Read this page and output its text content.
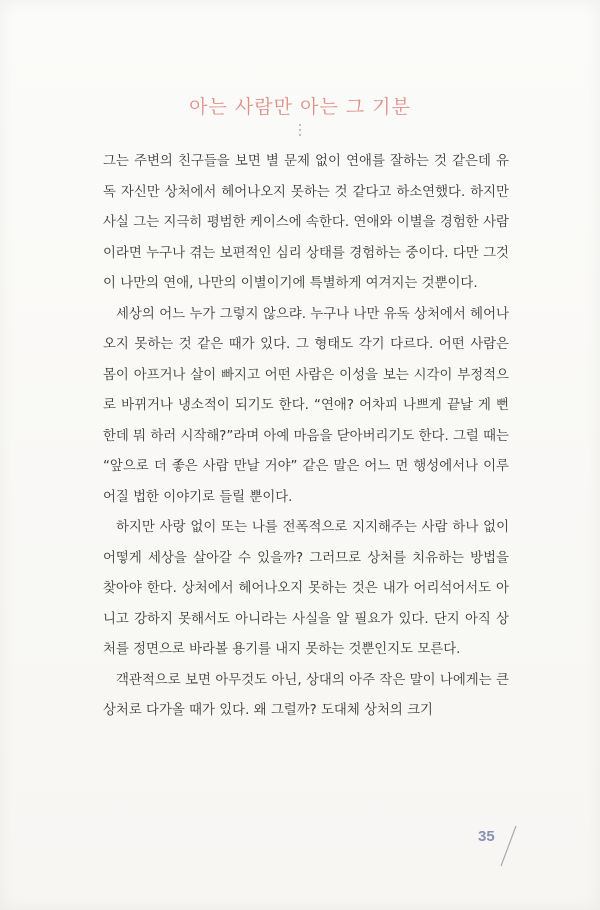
아는 사람만 아는 그 기분

그는 주변의 친구들을 보면 별 문제 없이 연애를 잘하는 것 같은데 유독 자신만 상처에서 헤어나오지 못하는 것 같다고 하소연했다. 하지만 사실 그는 지극히 평범한 케이스에 속한다. 연애와 이별을 경험한 사람이라면 누구나 겪는 보편적인 심리 상태를 경험하는 중이다. 다만 그것이 나만의 연애, 나만의 이별이기에 특별하게 여겨지는 것뿐이다.

세상의 어느 누가 그렇지 않으랴. 누구나 나만 유독 상처에서 헤어나오지 못하는 것 같은 때가 있다. 그 형태도 각기 다르다. 어떤 사람은 몸이 아프거나 살이 빠지고 어떤 사람은 이성을 보는 시각이 부정적으로 바뀌거나 냉소적이 되기도 한다. “연애? 어차피 나쁘게 끝날 게 뻔한데 뭐 하러 시작해?”라며 아예 마음을 닫아버리기도 한다. 그럴 때는 “앞으로 더 좋은 사람 만날 거야” 같은 말은 어느 먼 행성에서나 이루어질 법한 이야기로 들릴 뿐이다.

하지만 사랑 없이 또는 나를 전폭적으로 지지해주는 사람 하나 없이 어떻게 세상을 살아갈 수 있을까? 그러므로 상처를 치유하는 방법을 찾아야 한다. 상처에서 헤어나오지 못하는 것은 내가 어리석어서도 아니고 강하지 못해서도 아니라는 사실을 알 필요가 있다. 단지 아직 상처를 정면으로 바라볼 용기를 내지 못하는 것뿐인지도 모른다.

객관적으로 보면 아무것도 아닌, 상대의 아주 작은 말이 나에게는 큰 상처로 다가올 때가 있다. 왜 그럴까? 도대체 상처의 크기

35
